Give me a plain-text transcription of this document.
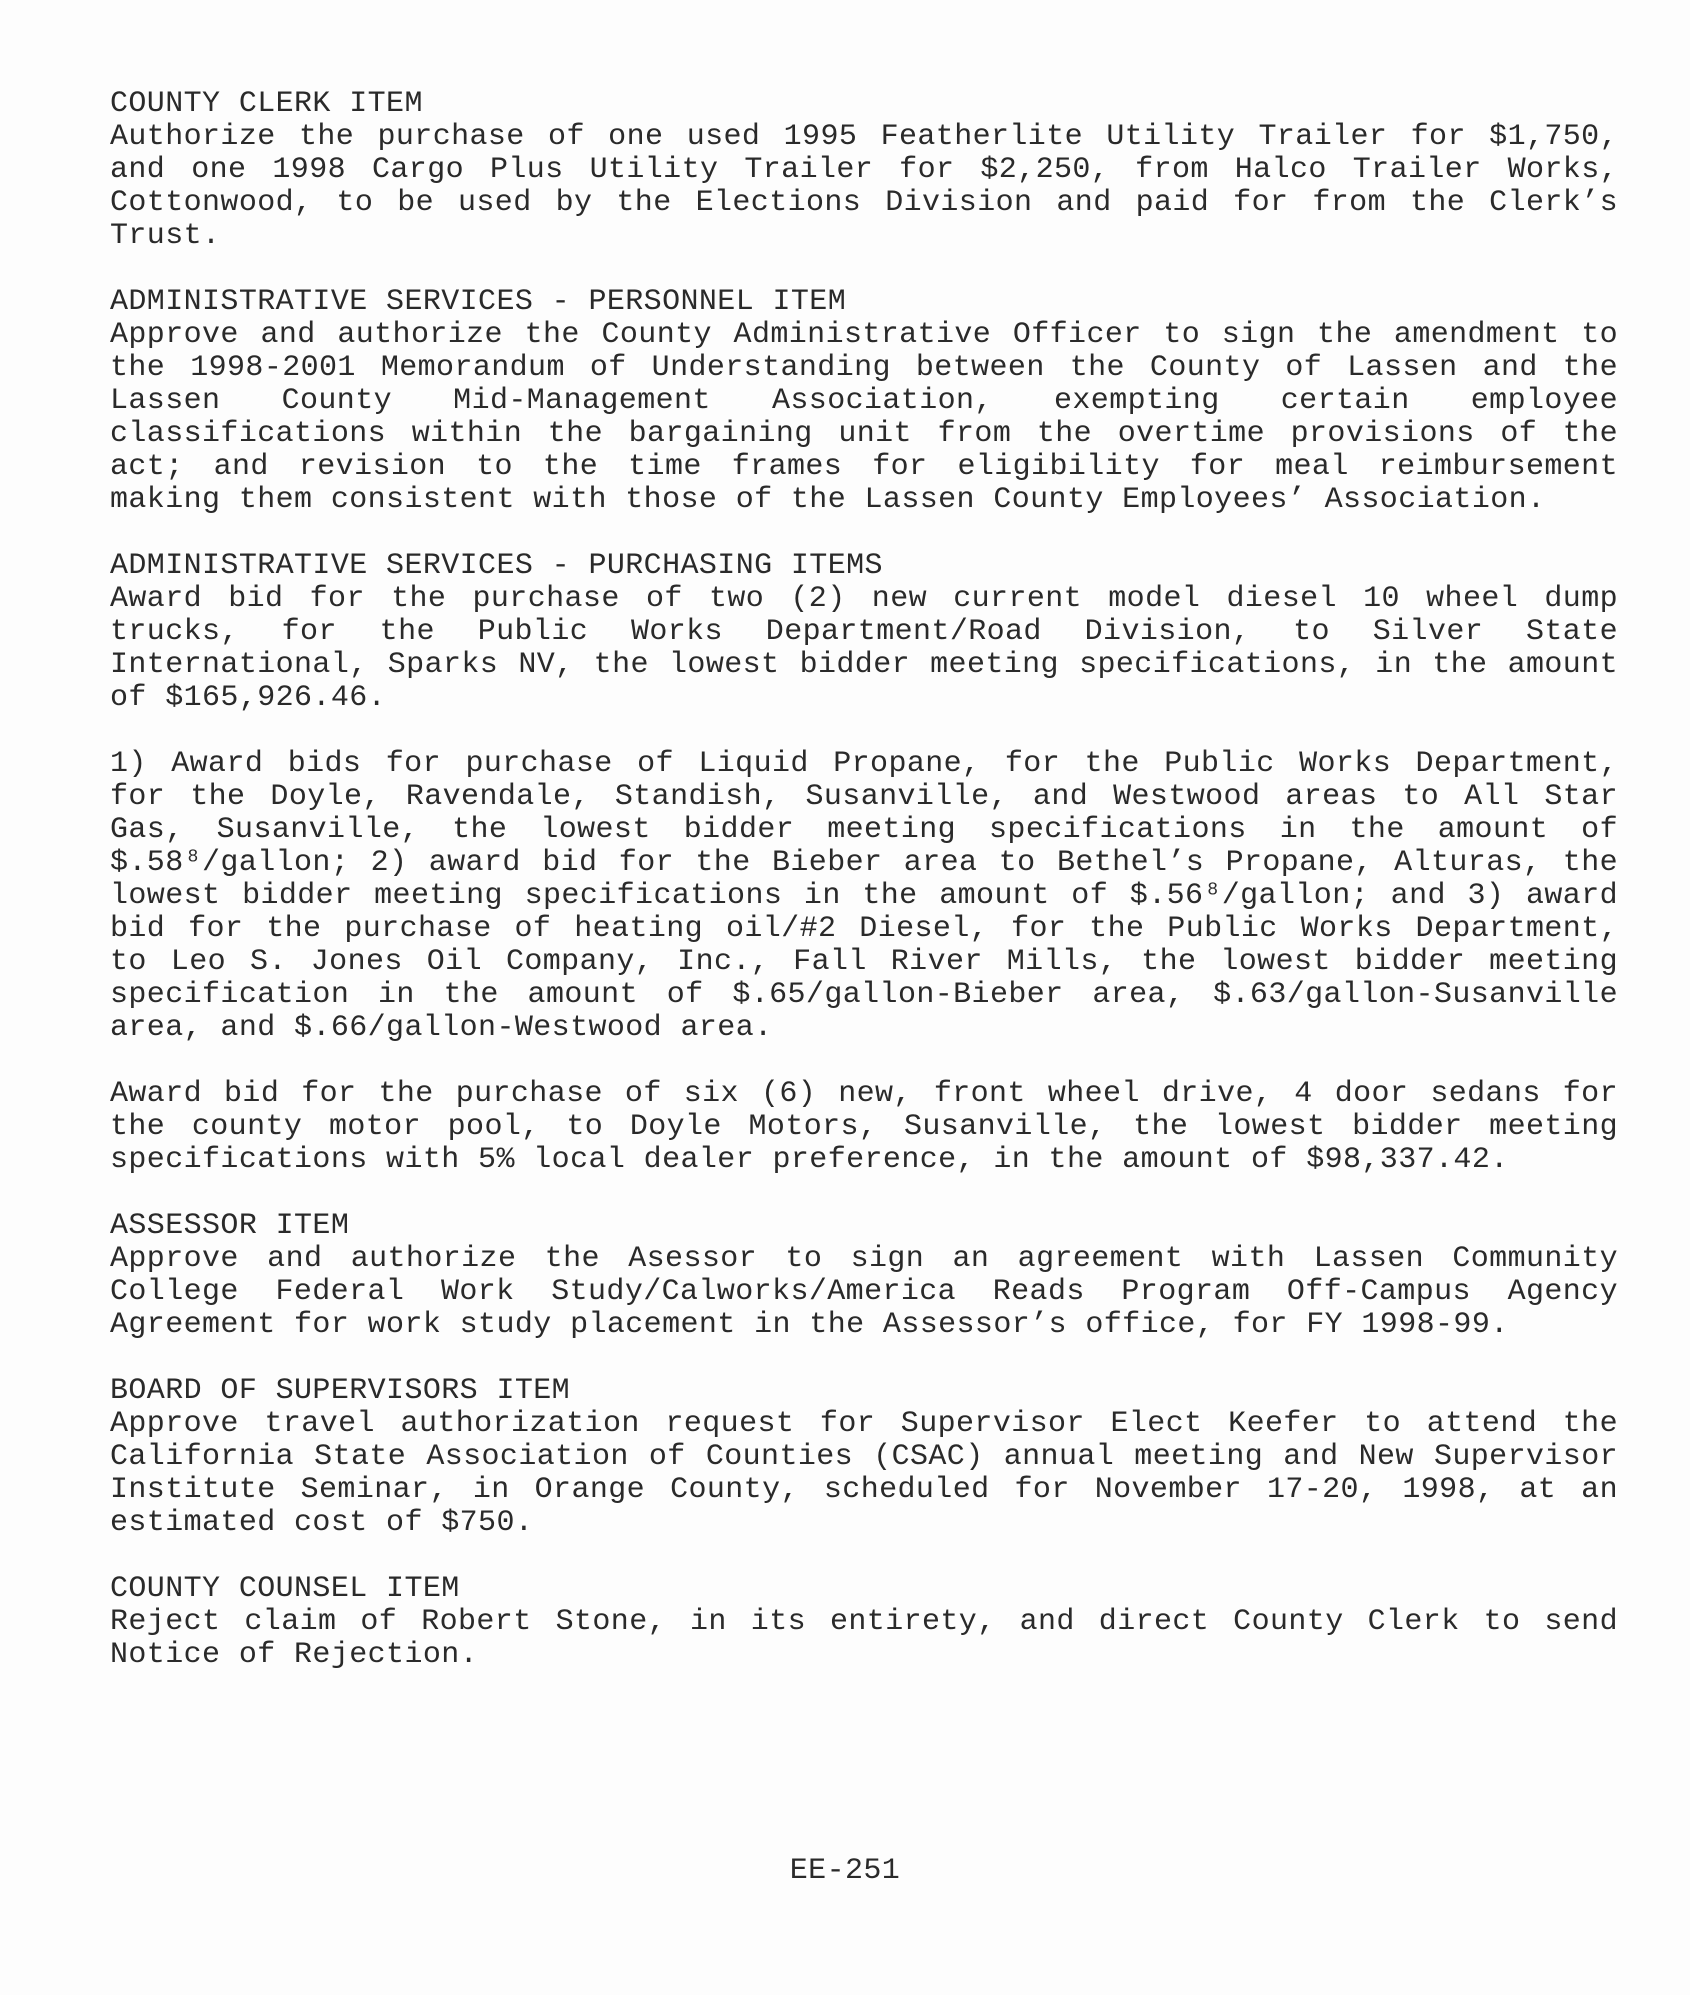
COUNTY CLERK ITEM

Authorize the purchase of one used 1995 Featherlite Utility Trailer for $1,750, and one 1998 Cargo Plus Utility Trailer for $2,250, from Halco Trailer Works, Cottonwood, to be used by the Elections Division and paid for from the Clerk’s Trust.

ADMINISTRATIVE SERVICES - PERSONNEL ITEM

Approve and authorize the County Administrative Officer to sign the amendment to the 1998-2001 Memorandum of Understanding between the County of Lassen and the Lassen County Mid-Management Association, exempting certain employee classifications within the bargaining unit from the overtime provisions of the act; and revision to the time frames for eligibility for meal reimbursement making them consistent with those of the Lassen County Employees’ Association.

ADMINISTRATIVE SERVICES - PURCHASING ITEMS

Award bid for the purchase of two (2) new current model diesel 10 wheel dump trucks, for the Public Works Department/Road Division, to Silver State International, Sparks NV, the lowest bidder meeting specifications, in the amount of $165,926.46.

1) Award bids for purchase of Liquid Propane, for the Public Works Department, for the Doyle, Ravendale, Standish, Susanville, and Westwood areas to All Star Gas, Susanville, the lowest bidder meeting specifications in the amount of $.58⁸/gallon; 2) award bid for the Bieber area to Bethel’s Propane, Alturas, the lowest bidder meeting specifications in the amount of $.56⁸/gallon; and 3) award bid for the purchase of heating oil/#2 Diesel, for the Public Works Department, to Leo S. Jones Oil Company, Inc., Fall River Mills, the lowest bidder meeting specification in the amount of $.65/gallon-Bieber area, $.63/gallon-Susanville area, and $.66/gallon-Westwood area.

Award bid for the purchase of six (6) new, front wheel drive, 4 door sedans for the county motor pool, to Doyle Motors, Susanville, the lowest bidder meeting specifications with 5% local dealer preference, in the amount of $98,337.42.

ASSESSOR ITEM

Approve and authorize the Asessor to sign an agreement with Lassen Community College Federal Work Study/Calworks/America Reads Program Off-Campus Agency Agreement for work study placement in the Assessor’s office, for FY 1998-99.

BOARD OF SUPERVISORS ITEM

Approve travel authorization request for Supervisor Elect Keefer to attend the California State Association of Counties (CSAC) annual meeting and New Supervisor Institute Seminar, in Orange County, scheduled for November 17-20, 1998, at an estimated cost of $750.

COUNTY COUNSEL ITEM

Reject claim of Robert Stone, in its entirety, and direct County Clerk to send Notice of Rejection.

EE-251
